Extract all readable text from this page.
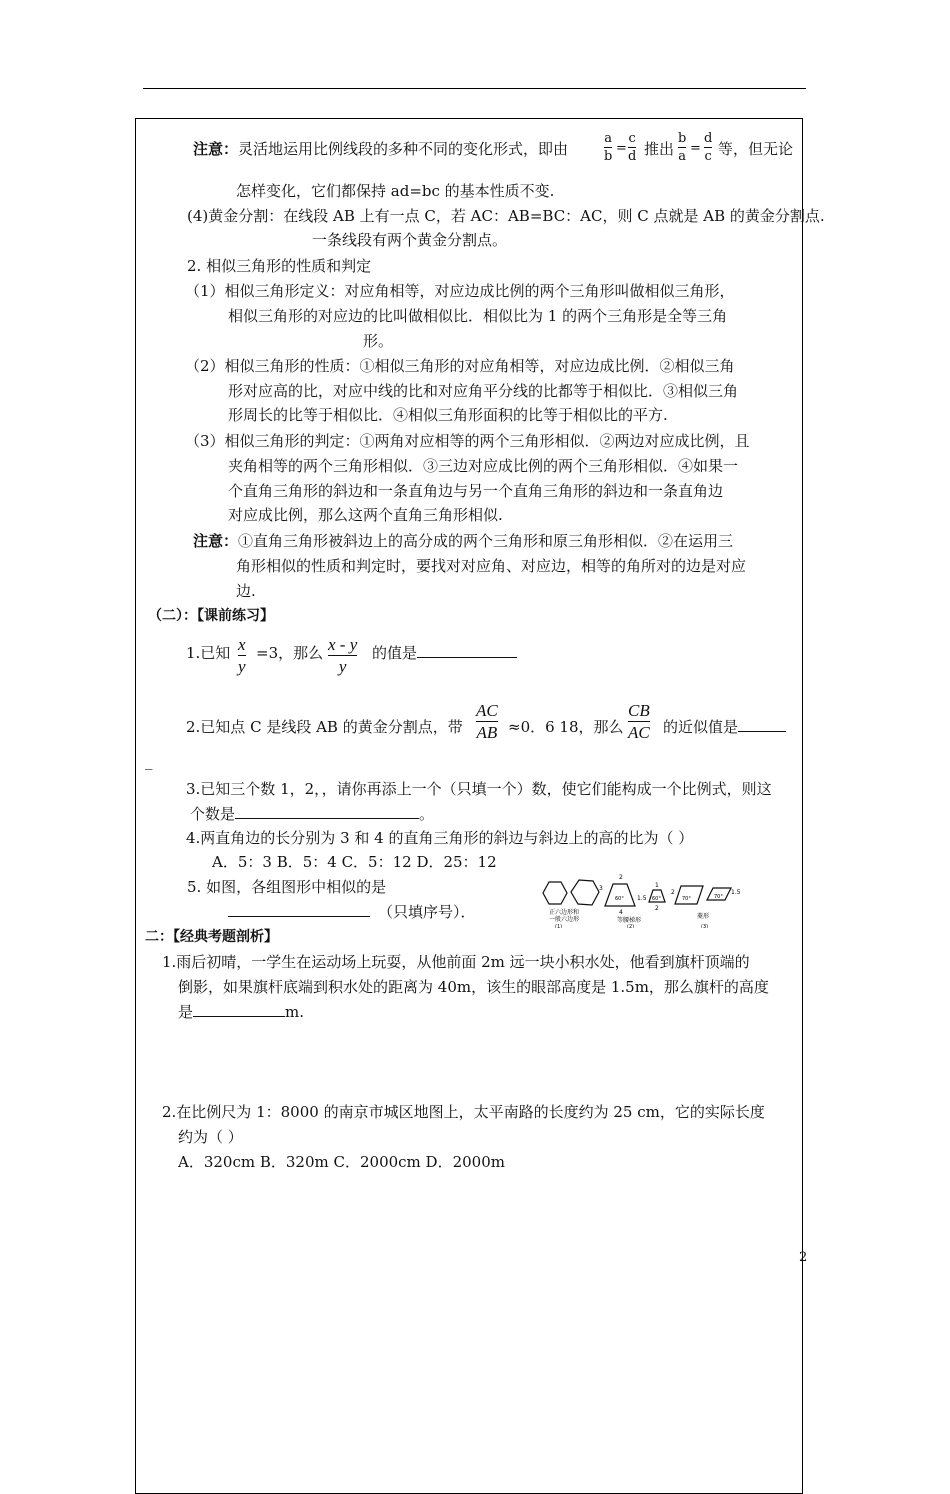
注意：灵活地运用比例线段的多种不同的变化形式，即由
a
b
=
c
d 推出
b
a
=
d
c 等，但无论
怎样变化，它们都保持 ad=bc 的基本性质不变.
(4)黄金分割：在线段 AB 上有一点 C，若 AC：AB=BC：AC，则 C 点就是 AB 的黄金分割点.
一条线段有两个黄金分割点。
2. 相似三角形的性质和判定
（1）相似三角形定义：对应角相等，对应边成比例的两个三角形叫做相似三角形，
相似三角形的对应边的比叫做相似比．相似比为 1 的两个三角形是全等三角
形。
（2）相似三角形的性质：①相似三角形的对应角相等，对应边成比例．②相似三角
形对应高的比，对应中线的比和对应角平分线的比都等于相似比．③相似三角
形周长的比等于相似比．④相似三角形面积的比等于相似比的平方.
（3）相似三角形的判定：①两角对应相等的两个三角形相似．②两边对应成比例，且
夹角相等的两个三角形相似．③三边对应成比例的两个三角形相似．④如果一
个直角三角形的斜边和一条直角边与另一个直角三角形的斜边和一条直角边
对应成比例，那么这两个直角三角形相似.
注意：①直角三角形被斜边上的高分成的两个三角形和原三角形相似．②在运用三
角形相似的性质和判定时，要找对对应角、对应边，相等的角所对的边是对应
边.
（二）：【课前练习】
1.已知 x
y
=3，那么 x - y
y
的值是
2.已知点 C 是线段 AB 的黄金分割点，带
AC
AB ≈0．6 18，那么
CB
AC 的近似值是
_
3.已知三个数 1，2，，请你再添上一个（只填一个）数，使它们能构成一个比例式，则这
个数是	。
4.两直角边的长分别为 3 和 4 的直角三角形的斜边与斜边上的高的比为（ ）
A．5：3 B．5：4 C．5：12 D．25：12
5. 如图，各组图形中相似的是
（只填序号）．
2
3
60°
4
1
1.5 60°
2
70°
2
70°
1.5
正六边形和
一般六边形
(1)
等腰梯形
(2)
菱形
(3)
二：【经典考题剖析】
1.雨后初晴，一学生在运动场上玩耍，从他前面 2m 远一块小积水处，他看到旗杆顶端的
倒影，如果旗杆底端到积水处的距离为 40m，该生的眼部高度是 1.5m，那么旗杆的高度
是	m.
2.在比例尺为 1：8000 的南京市城区地图上，太平南路的长度约为 25 cm，它的实际长度
约为（ ）
A．320cm B．320m C．2000cm D．2000m
2
